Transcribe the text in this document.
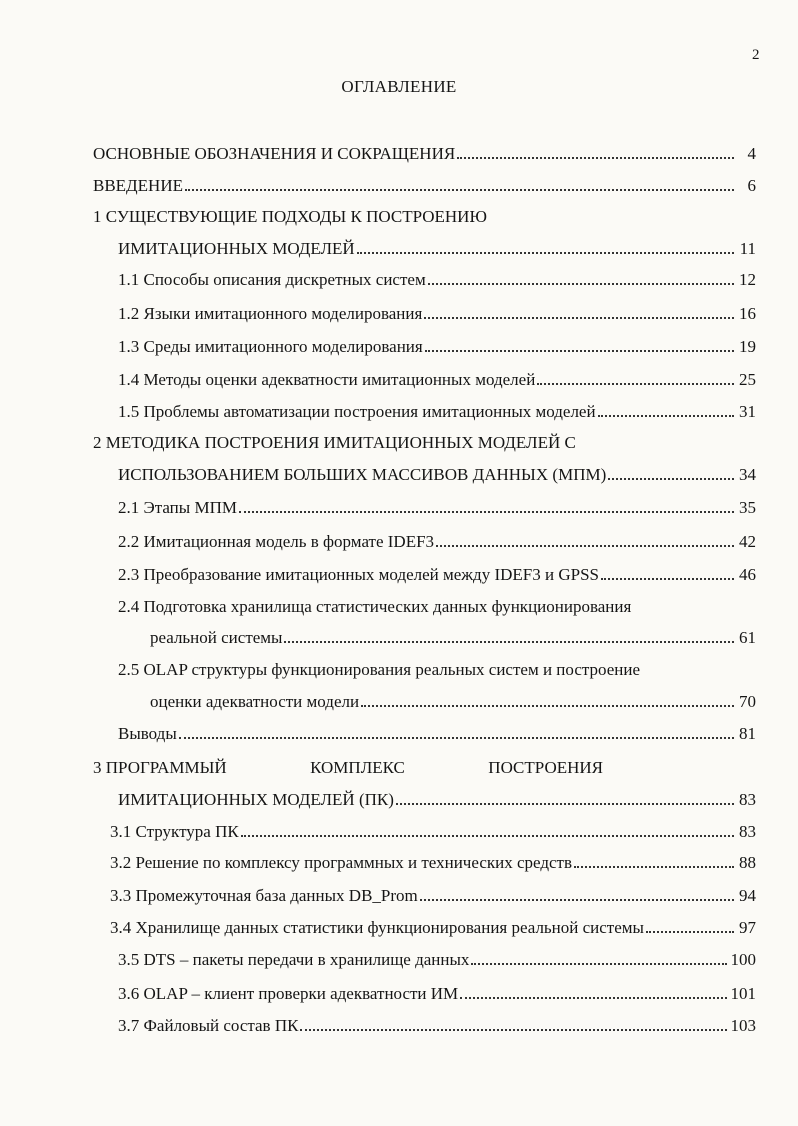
2
ОГЛАВЛЕНИЕ
ОСНОВНЫЕ ОБОЗНАЧЕНИЯ И СОКРАЩЕНИЯ	4
ВВЕДЕНИЕ	6
1 СУЩЕСТВУЮЩИЕ ПОДХОДЫ К ПОСТРОЕНИЮ
ИМИТАЦИОННЫХ МОДЕЛЕЙ	11
1.1 Способы описания дискретных систем	12
1.2 Языки имитационного моделирования	16
1.3 Среды имитационного моделирования	19
1.4 Методы оценки адекватности имитационных моделей	25
1.5 Проблемы автоматизации построения имитационных моделей	31
2 МЕТОДИКА ПОСТРОЕНИЯ ИМИТАЦИОННЫХ МОДЕЛЕЙ С
ИСПОЛЬЗОВАНИЕМ БОЛЬШИХ МАССИВОВ ДАННЫХ (МПМ)	34
2.1 Этапы МПМ	35
2.2 Имитационная модель в формате IDEF3	42
2.3 Преобразование имитационных моделей между IDEF3 и GPSS	46
2.4 Подготовка хранилища статистических данных функционирования
реальной системы	61
2.5 OLAP структуры функционирования реальных систем и построение
оценки адекватности модели	70
Выводы	81
3 ПРОГРАММЫЙ	КОМПЛЕКС	ПОСТРОЕНИЯ
ИМИТАЦИОННЫХ МОДЕЛЕЙ (ПК)	83
3.1 Структура ПК	83
3.2 Решение по комплексу программных и технических средств	88
3.3 Промежуточная база данных DB_Prom	94
3.4 Хранилище данных статистики функционирования реальной системы	97
3.5 DTS – пакеты передачи в хранилище данных	100
3.6 OLAP – клиент проверки адекватности ИМ	101
3.7 Файловый состав ПК	103
